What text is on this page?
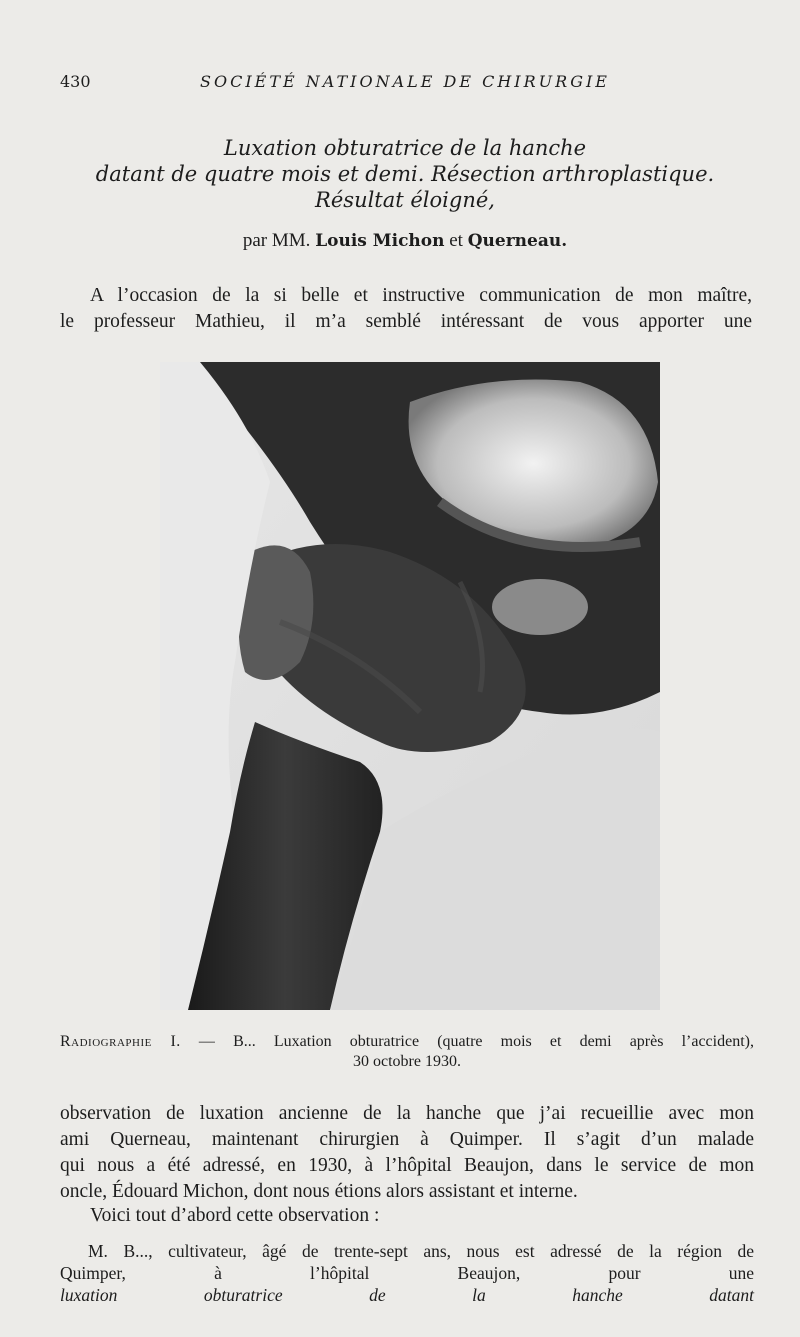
430	SOCIÉTÉ NATIONALE DE CHIRURGIE
Luxation obturatrice de la hanche
datant de quatre mois et demi. Résection arthroplastique.
Résultat éloigné,
par MM. Louis Michon et Querneau.
A l’occasion de la si belle et instructive communication de mon maître,
le professeur Mathieu, il m’a semblé intéressant de vous apporter une
Radiographie I. — B... Luxation obturatrice (quatre mois et demi après l’accident),
30 octobre 1930.
observation de luxation ancienne de la hanche que j’ai recueillie avec mon
ami Querneau, maintenant chirurgien à Quimper. Il s’agit d’un malade
qui nous a été adressé, en 1930, à l’hôpital Beaujon, dans le service de mon
oncle, Édouard Michon, dont nous étions alors assistant et interne.
Voici tout d’abord cette observation :
M. B..., cultivateur, âgé de trente-sept ans, nous est adressé de la région de
Quimper, à l’hôpital Beaujon, pour une
luxation obturatrice de la hanche datant
